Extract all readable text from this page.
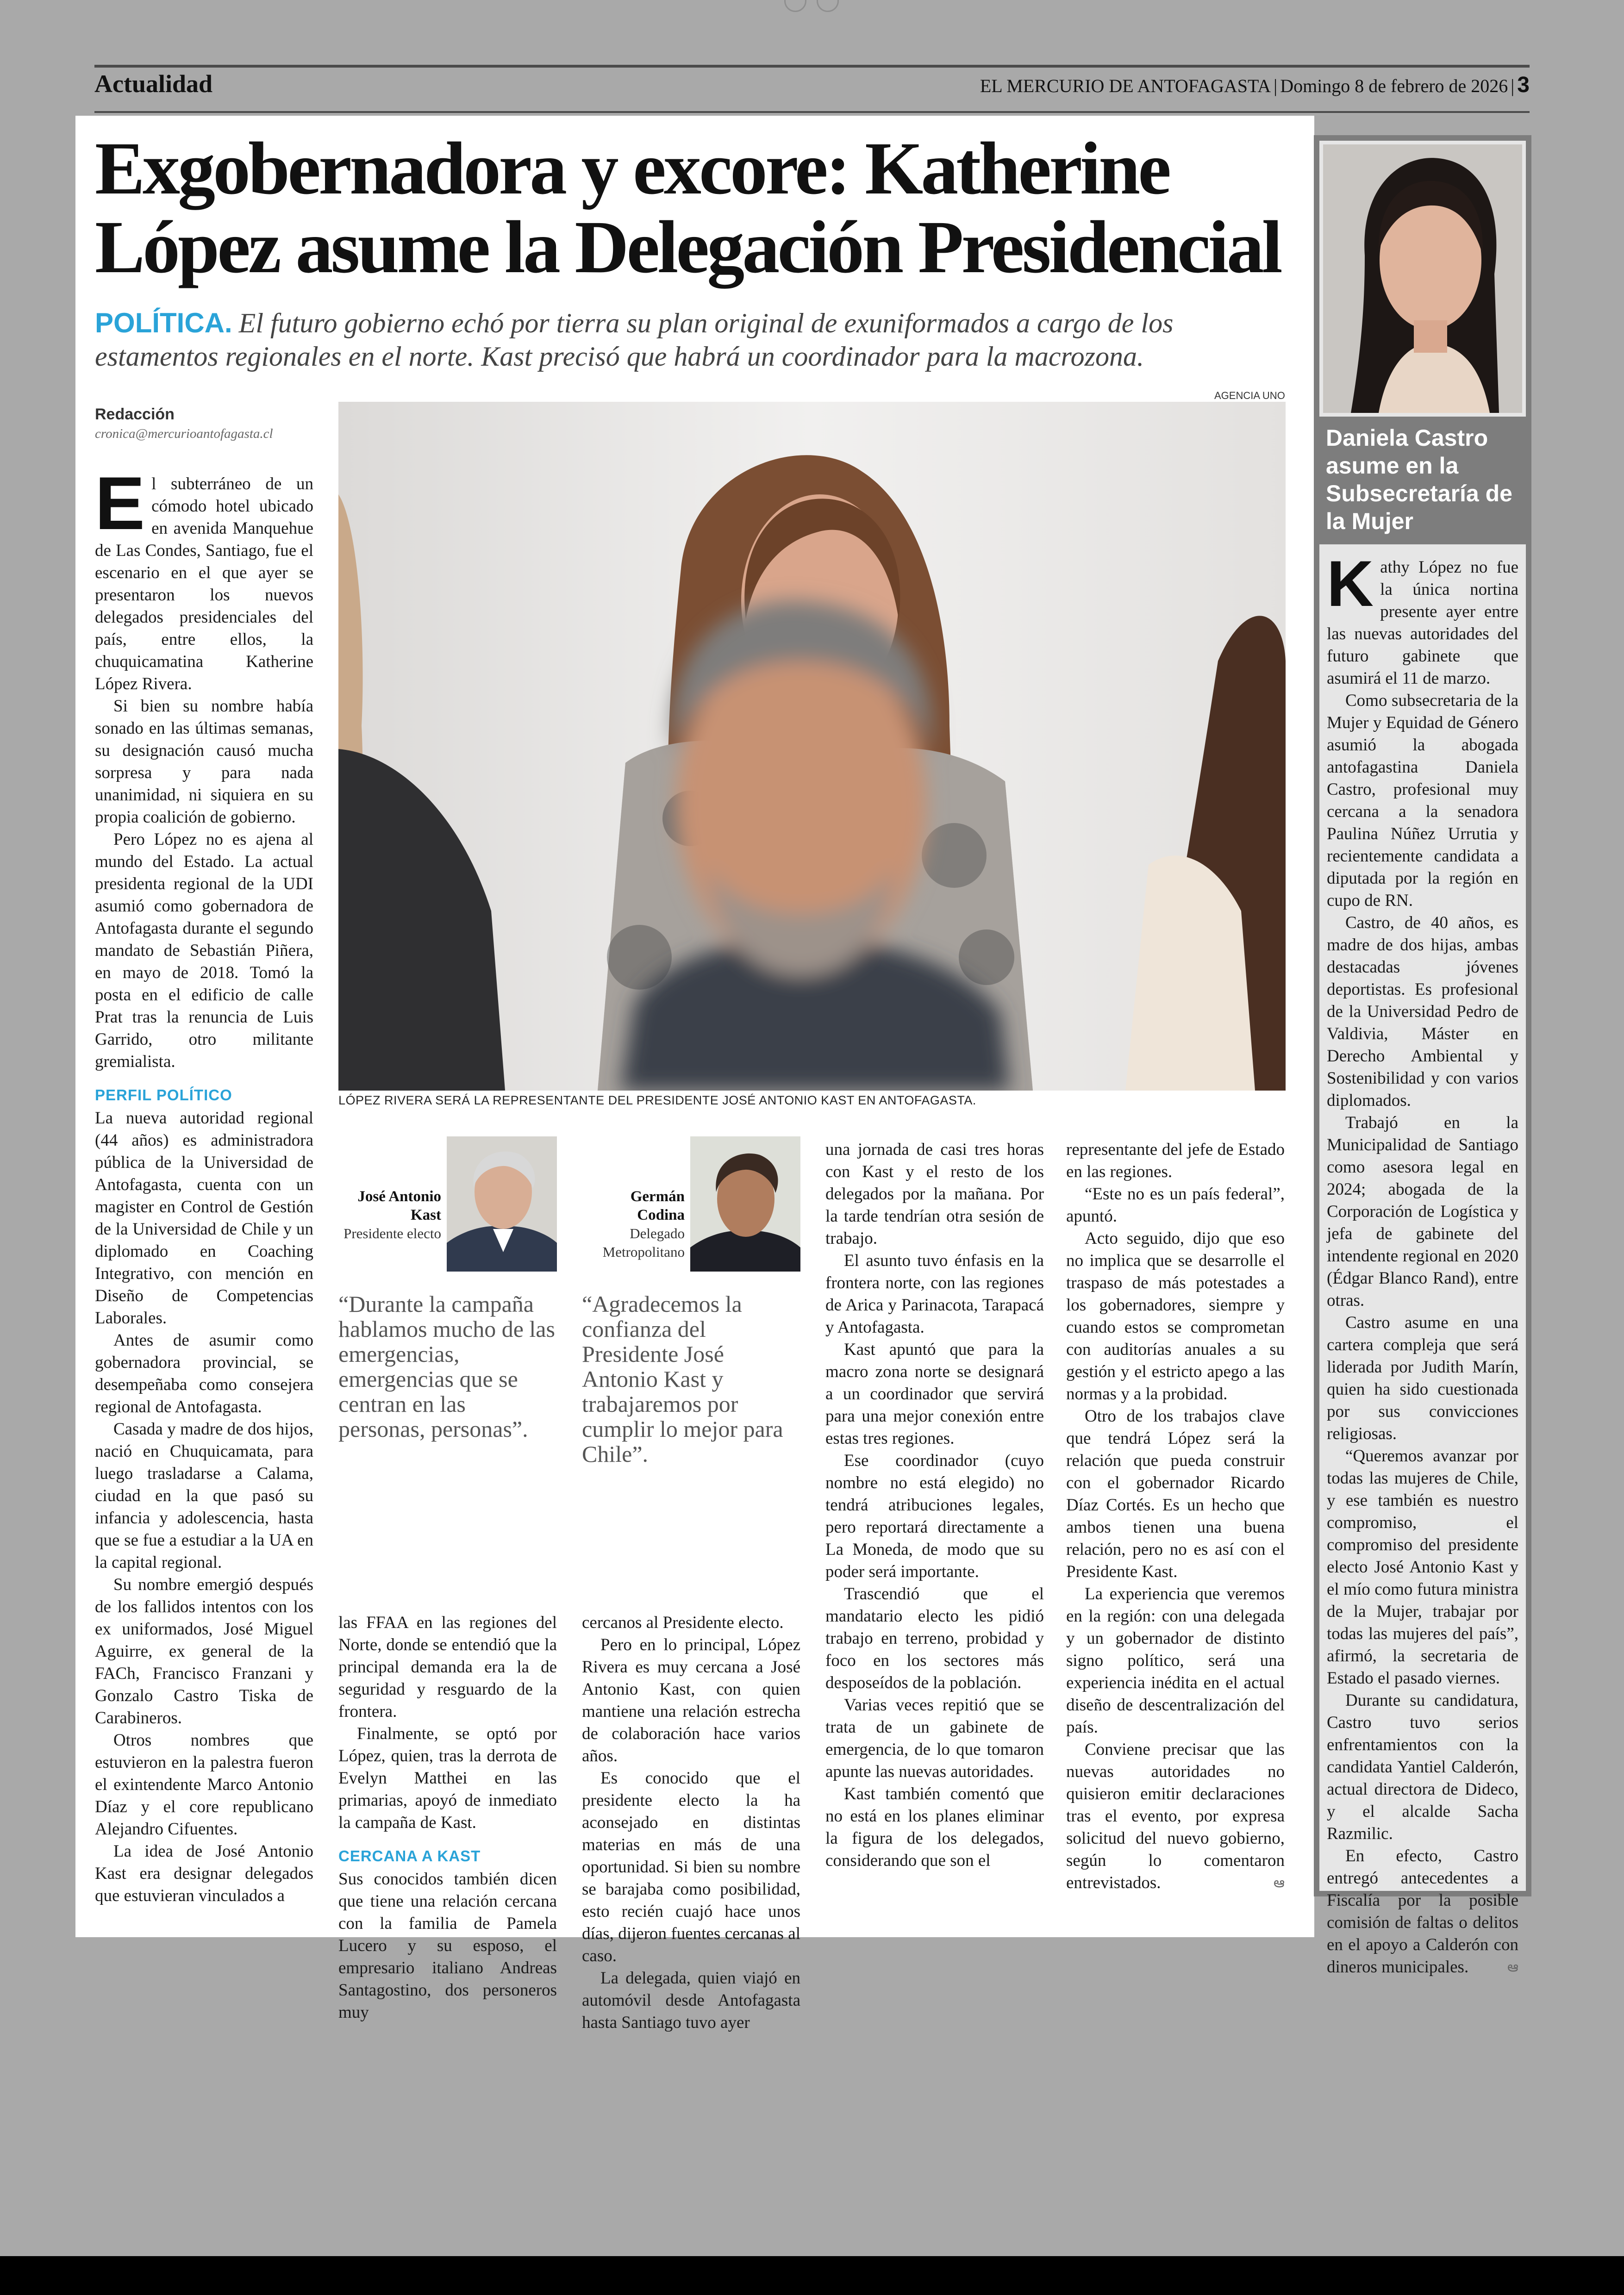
Actualidad	EL MERCURIO DE ANTOFAGASTA | Domingo 8 de febrero de 2026 | 3
Exgobernadora y excore: Katherine López asume la Delegación Presidencial
POLÍTICA. El futuro gobierno echó por tierra su plan original de exuniformados a cargo de los estamentos regionales en el norte. Kast precisó que habrá un coordinador para la macrozona.
Redacción
cronica@mercurioantofagasta.cl

El subterráneo de un cómodo hotel ubicado en avenida Manquehue de Las Condes, Santiago, fue el escenario en el que ayer se presentaron los nuevos delegados presidenciales del país, entre ellos, la chuquicamatina Katherine López Rivera.

Si bien su nombre había sonado en las últimas semanas, su designación causó mucha sorpresa y para nada unanimidad, ni siquiera en su propia coalición de gobierno.

Pero López no es ajena al mundo del Estado. La actual presidenta regional de la UDI asumió como gobernadora de Antofagasta durante el segundo mandato de Sebastián Piñera, en mayo de 2018. Tomó la posta en el edificio de calle Prat tras la renuncia de Luis Garrido, otro militante gremialista.

PERFIL POLÍTICO

La nueva autoridad regional (44 años) es administradora pública de la Universidad de Antofagasta, cuenta con un magister en Control de Gestión de la Universidad de Chile y un diplomado en Coaching Integrativo, con mención en Diseño de Competencias Laborales.

Antes de asumir como gobernadora provincial, se desempeñaba como consejera regional de Antofagasta.

Casada y madre de dos hijos, nació en Chuquicamata, para luego trasladarse a Calama, ciudad en la que pasó su infancia y adolescencia, hasta que se fue a estudiar a la UA en la capital regional.

Su nombre emergió después de los fallidos intentos con los ex uniformados, José Miguel Aguirre, ex general de la FACh, Francisco Franzani y Gonzalo Castro Tiska de Carabineros.

Otros nombres que estuvieron en la palestra fueron el exintendente Marco Antonio Díaz y el core republicano Alejandro Cifuentes.

La idea de José Antonio Kast era designar delegados que estuvieran vinculados a

AGENCIA UNO
LÓPEZ RIVERA SERÁ LA REPRESENTANTE DEL PRESIDENTE JOSÉ ANTONIO KAST EN ANTOFAGASTA.
José Antonio Kast
Presidente electo
Germán Codina
Delegado Metropolitano
“Durante la campaña hablamos mucho de las emergencias, emergencias que se centran en las personas, personas”.
“Agradecemos la confianza del Presidente José Antonio Kast y trabajaremos por cumplir lo mejor para Chile”.

las FFAA en las regiones del Norte, donde se entendió que la principal demanda era la de seguridad y resguardo de la frontera.

Finalmente, se optó por López, quien, tras la derrota de Evelyn Matthei en las primarias, apoyó de inmediato la campaña de Kast.

CERCANA A KAST

Sus conocidos también dicen que tiene una relación cercana con la familia de Pamela Lucero y su esposo, el empresario italiano Andreas Santagostino, dos personeros muy

cercanos al Presidente electo.

Pero en lo principal, López Rivera es muy cercana a José Antonio Kast, con quien mantiene una relación estrecha de colaboración hace varios años.

Es conocido que el presidente electo la ha aconsejado en distintas materias en más de una oportunidad. Si bien su nombre se barajaba como posibilidad, esto recién cuajó hace unos días, dijeron fuentes cercanas al caso.

La delegada, quien viajó en automóvil desde Antofagasta hasta Santiago tuvo ayer

una jornada de casi tres horas con Kast y el resto de los delegados por la mañana. Por la tarde tendrían otra sesión de trabajo.

El asunto tuvo énfasis en la frontera norte, con las regiones de Arica y Parinacota, Tarapacá y Antofagasta.

Kast apuntó que para la macro zona norte se designará a un coordinador que servirá para una mejor conexión entre estas tres regiones.

Ese coordinador (cuyo nombre no está elegido) no tendrá atribuciones legales, pero reportará directamente a La Moneda, de modo que su poder será importante.

Trascendió que el mandatario electo les pidió trabajo en terreno, probidad y foco en los sectores más desposeídos de la población.

Varias veces repitió que se trata de un gabinete de emergencia, de lo que tomaron apunte las nuevas autoridades.

Kast también comentó que no está en los planes eliminar la figura de los delegados, considerando que son el

representante del jefe de Estado en las regiones.

“Este no es un país federal”, apuntó.

Acto seguido, dijo que eso no implica que se desarrolle el traspaso de más potestades a los gobernadores, siempre y cuando estos se comprometan con auditorías anuales a su gestión y el estricto apego a las normas y a la probidad.

Otro de los trabajos clave que tendrá López será la relación que pueda construir con el gobernador Ricardo Díaz Cortés. Es un hecho que ambos tienen una buena relación, pero no es así con el Presidente Kast.

La experiencia que veremos en la región: con una delegada y un gobernador de distinto signo político, será una experiencia inédita en el actual diseño de descentralización del país.

Conviene precisar que las nuevas autoridades no quisieron emitir declaraciones tras el evento, por expresa solicitud del nuevo gobierno, según lo comentaron entrevistados.	ఆ

Daniela Castro asume en la Subsecretaría de la Mujer

Kathy López no fue la única nortina presente ayer entre las nuevas autoridades del futuro gabinete que asumirá el 11 de marzo.

Como subsecretaria de la Mujer y Equidad de Género asumió la abogada antofagastina Daniela Castro, profesional muy cercana a la senadora Paulina Núñez Urrutia y recientemente candidata a diputada por la región en cupo de RN.

Castro, de 40 años, es madre de dos hijas, ambas destacadas jóvenes deportistas. Es profesional de la Universidad Pedro de Valdivia, Máster en Derecho Ambiental y Sostenibilidad y con varios diplomados.

Trabajó en la Municipalidad de Santiago como asesora legal en 2024; abogada de la Corporación de Logística y jefa de gabinete del intendente regional en 2020 (Édgar Blanco Rand), entre otras.

Castro asume en una cartera compleja que será liderada por Judith Marín, quien ha sido cuestionada por sus convicciones religiosas.

“Queremos avanzar por todas las mujeres de Chile, y ese también es nuestro compromiso, el compromiso del presidente electo José Antonio Kast y el mío como futura ministra de la Mujer, trabajar por todas las mujeres del país”, afirmó, la secretaria de Estado el pasado viernes.

Durante su candidatura, Castro tuvo serios enfrentamientos con la candidata Yantiel Calderón, actual directora de Dideco, y el alcalde Sacha Razmilic.

En efecto, Castro entregó antecedentes a Fiscalía por la posible comisión de faltas o delitos en el apoyo a Calderón con dineros municipales.	ఆ
